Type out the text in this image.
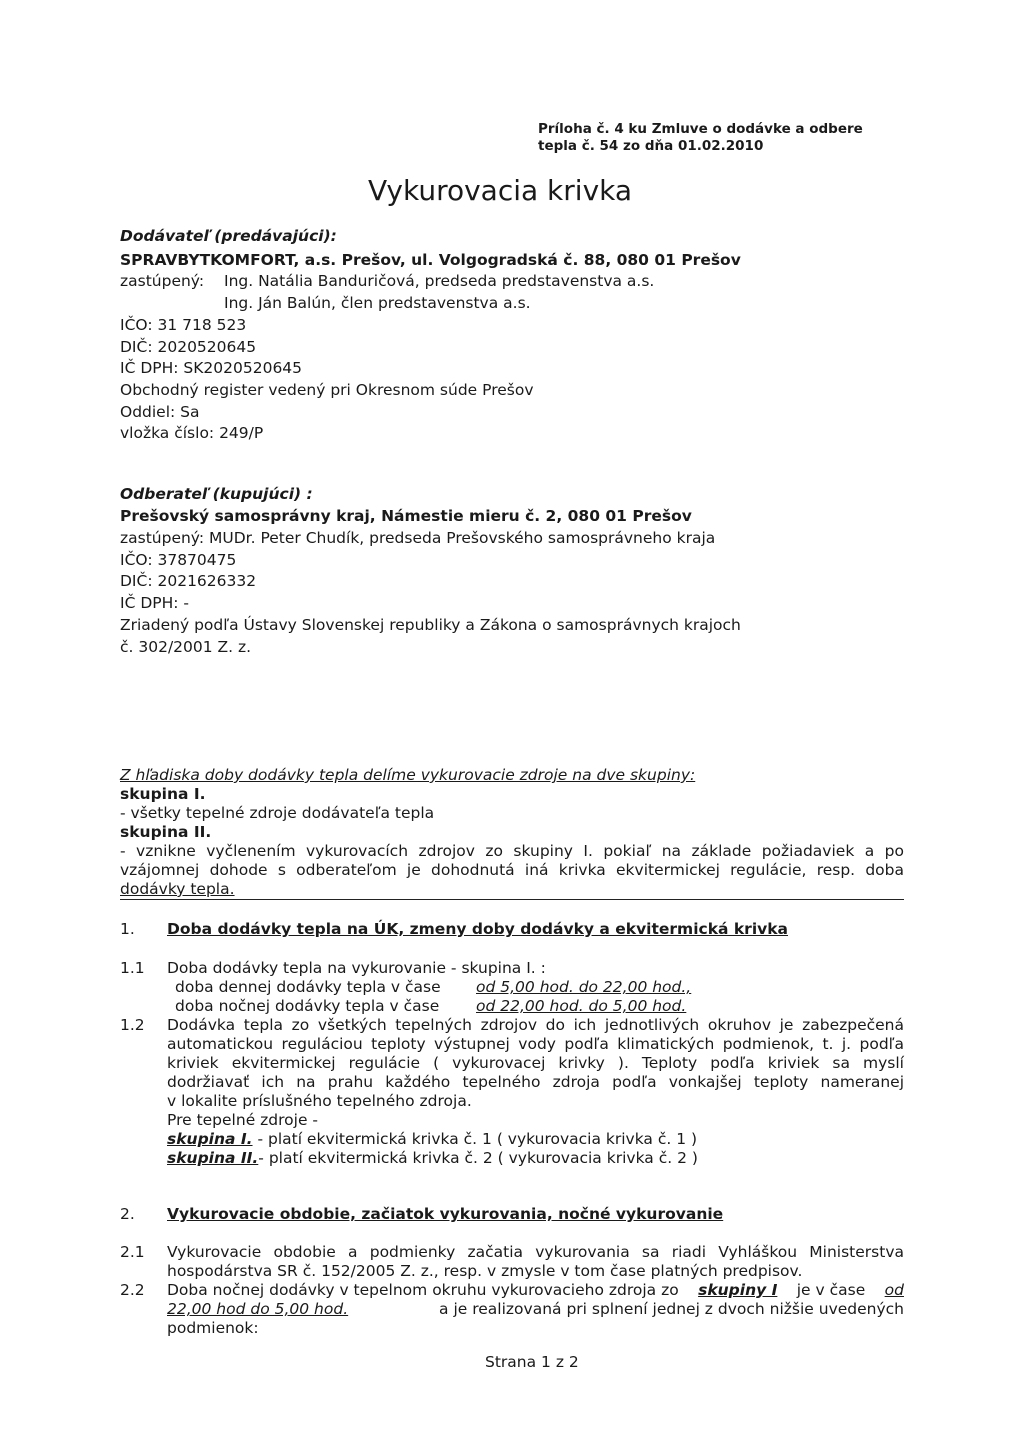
Príloha č. 4 ku Zmluve o dodávke a odbere
tepla č. 54 zo dňa 01.02.2010
Vykurovacia krivka
Dodávateľ (predávajúci):
SPRAVBYTKOMFORT, a.s. Prešov, ul. Volgogradská č. 88, 080 01 Prešov
zastúpený: Ing. Natália Banduričová, predseda predstavenstva a.s.
Ing. Ján Balún, člen predstavenstva a.s.
IČO: 31 718 523
DIČ: 2020520645
IČ DPH: SK2020520645
Obchodný register vedený pri Okresnom súde Prešov
Oddiel: Sa
vložka číslo: 249/P
Odberateľ (kupujúci) :
Prešovský samosprávny kraj, Námestie mieru č. 2, 080 01 Prešov
zastúpený: MUDr. Peter Chudík, predseda Prešovského samosprávneho kraja
IČO: 37870475
DIČ: 2021626332
IČ DPH: -
Zriadený podľa Ústavy Slovenskej republiky a Zákona o samosprávnych krajoch
č. 302/2001 Z. z.
Z hľadiska doby dodávky tepla delíme vykurovacie zdroje na dve skupiny:
skupina I.
- všetky tepelné zdroje dodávateľa tepla
skupina II.
- vznikne vyčlenením vykurovacích zdrojov zo skupiny I. pokiaľ na základe požiadaviek a po
vzájomnej dohode s odberateľom je dohodnutá iná krivka ekvitermickej regulácie, resp. doba
dodávky tepla.
1. Doba dodávky tepla na ÚK, zmeny doby dodávky a ekvitermická krivka
1.1 Doba dodávky tepla na vykurovanie - skupina I. :
doba dennej dodávky tepla v čase od 5,00 hod. do 22,00 hod.,
doba nočnej dodávky tepla v čase od 22,00 hod. do 5,00 hod.
1.2 Dodávka tepla zo všetkých tepelných zdrojov do ich jednotlivých okruhov je zabezpečená
automatickou reguláciou teploty výstupnej vody podľa klimatických podmienok, t. j. podľa
kriviek ekvitermickej regulácie ( vykurovacej krivky ). Teploty podľa kriviek sa myslí
dodržiavať ich na prahu každého tepelného zdroja podľa vonkajšej teploty nameranej
v lokalite príslušného tepelného zdroja.
Pre tepelné zdroje -
skupina I. - platí ekvitermická krivka č. 1 ( vykurovacia krivka č. 1 )
skupina II.- platí ekvitermická krivka č. 2 ( vykurovacia krivka č. 2 )
2. Vykurovacie obdobie, začiatok vykurovania, nočné vykurovanie
2.1 Vykurovacie obdobie a podmienky začatia vykurovania sa riadi Vyhláškou Ministerstva
hospodárstva SR č. 152/2005 Z. z., resp. v zmysle v tom čase platných predpisov.
2.2 Doba nočnej dodávky v tepelnom okruhu vykurovacieho zdroja zo skupiny I je v čase od
22,00 hod do 5,00 hod.	a je realizovaná pri splnení jednej z dvoch nižšie uvedených
podmienok:
Strana 1 z 2
